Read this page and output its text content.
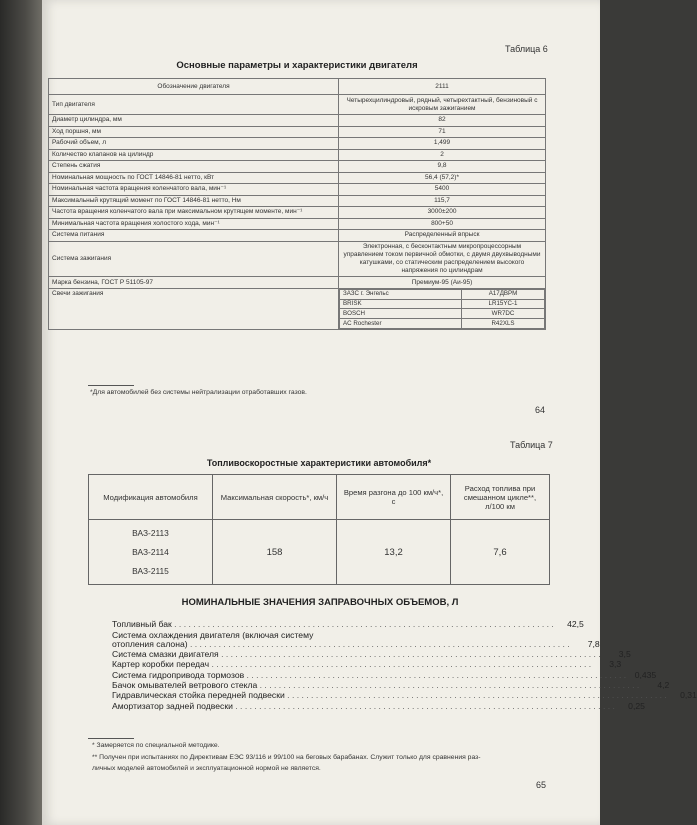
Таблица 6
Основные параметры и характеристики двигателя
Обозначение двигателя	2111
Тип двигателя	Четырехцилиндровый, рядный, четырехтактный, бензиновый с искровым зажиганием
Диаметр цилиндра, мм	82
Ход поршня, мм	71
Рабочий объем, л	1,499
Количество клапанов на цилиндр	2
Степень сжатия	9,8
Номинальная мощность по ГОСТ 14846-81 нетто, кВт	56,4 (57,2)*
Номинальная частота вращения коленчатого вала, мин⁻¹	5400
Максимальный крутящий момент по ГОСТ 14846-81 нетто, Нм	115,7
Частота вращения коленчатого вала при максимальном крутящем моменте, мин⁻¹	3000±200
Минимальная частота вращения холостого хода, мин⁻¹	800+50
Система питания	Распределенный впрыск
Система зажигания	Электронная, с бесконтактным микропроцессорным управлением током первичной обмотки, с двумя двухвыводными катушками, со статическим распределением высокого напряжения по цилиндрам
Марка бензина, ГОСТ Р 51105-97	Премиум-95 (Аи-95)
Свечи зажигания		ЗАЗС г. Энгельс	А17ДВРМ
BRISK	LR15YC-1
BOSCH	WR7DC
AC Rochester	R42XLS
*Для автомобилей без системы нейтрализации отработавших газов.
64
Таблица 7
Топливоскоростные характеристики автомобиля*
Модификация автомобиля	Максимальная скорость*, км/ч	Время разгона до 100 км/ч*, с	Расход топлива при смешанном цикле**, л/100 км

ВАЗ-2113
ВАЗ-2114
ВАЗ-2115	158	13,2	7,6
НОМИНАЛЬНЫЕ ЗНАЧЕНИЯ ЗАПРАВОЧНЫХ ОБЪЕМОВ, Л
Топливный бак . . . . . . . . . . . . . . . . . . . . . . . . . . . . . . . . . . . . . . . . . . . . . . . . . . . . . . . . . . . . . . . . . . . . . . . . . . . . . . . .	42,5
Система охлаждения двигателя (включая систему
отопления салона) . . . . . . . . . . . . . . . . . . . . . . . . . . . . . . . . . . . . . . . . . . . . . . . . . . . . . . . . . . . . . . . . . . . . . . . . . . . . . . . .	7,8
Система смазки двигателя . . . . . . . . . . . . . . . . . . . . . . . . . . . . . . . . . . . . . . . . . . . . . . . . . . . . . . . . . . . . . . . . . . . . . . . . . . . . . . . .	3,5
Картер коробки передач . . . . . . . . . . . . . . . . . . . . . . . . . . . . . . . . . . . . . . . . . . . . . . . . . . . . . . . . . . . . . . . . . . . . . . . . . . . . . . . .	3,3
Система гидропривода тормозов . . . . . . . . . . . . . . . . . . . . . . . . . . . . . . . . . . . . . . . . . . . . . . . . . . . . . . . . . . . . . . . . . . . . . . . . . . . . . . . . 0,435
Бачок омывателей ветрового стекла . . . . . . . . . . . . . . . . . . . . . . . . . . . . . . . . . . . . . . . . . . . . . . . . . . . . . . . . . . . . . . . . . . . . . . . . . . . . . . . .	4,2
Гидравлическая стойка передней подвески . . . . . . . . . . . . . . . . . . . . . . . . . . . . . . . . . . . . . . . . . . . . . . . . . . . . . . . . . . . . . . . . . . . . . . . . . . . . . . . .	0,31
Амортизатор задней подвески . . . . . . . . . . . . . . . . . . . . . . . . . . . . . . . . . . . . . . . . . . . . . . . . . . . . . . . . . . . . . . . . . . . . . . . . . . . . . . . .	0,25
* Замеряется по специальной методике.
** Получен при испытаниях по Директивам ЕЭС 93/116 и 99/100 на беговых барабанах. Служит только для сравнения раз-
личных моделей автомобилей и эксплуатационной нормой не является.
65
